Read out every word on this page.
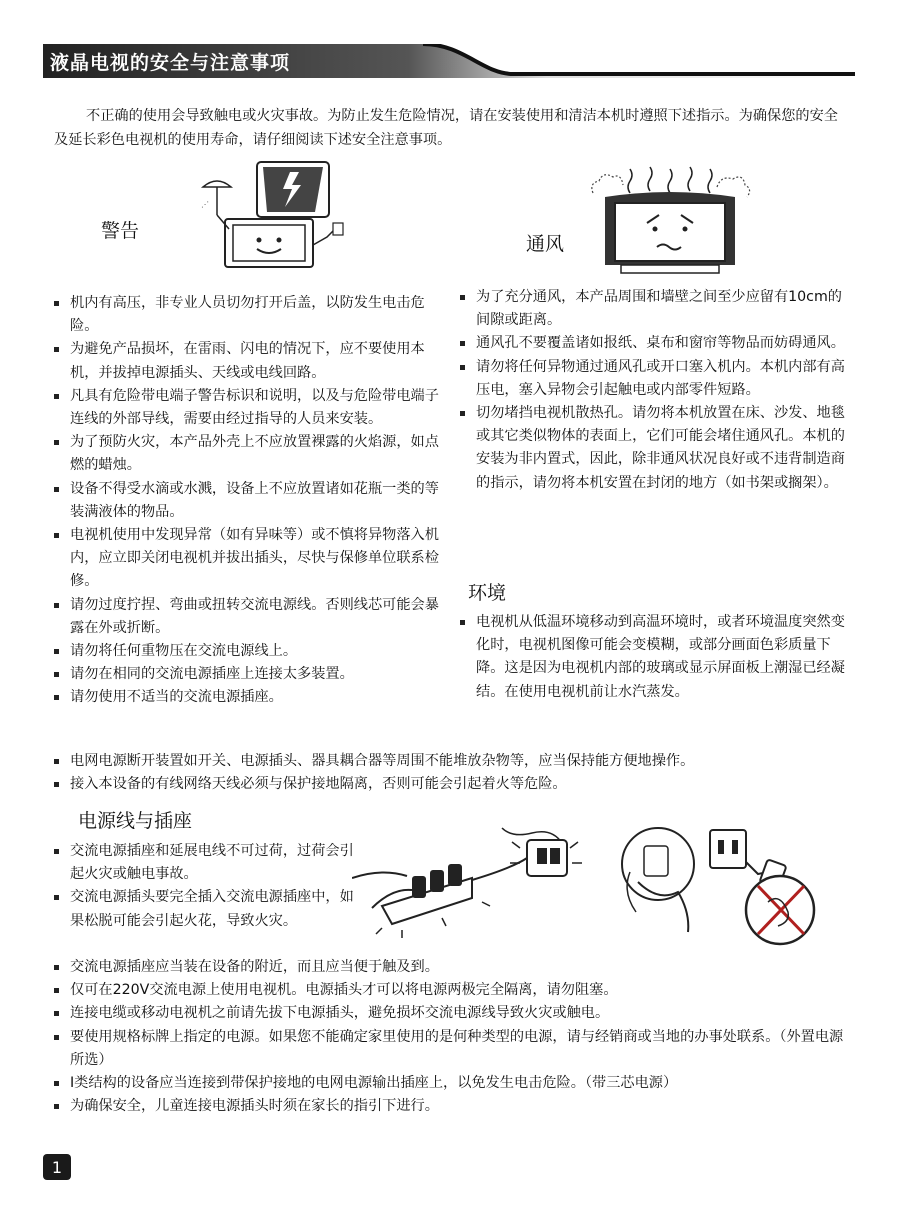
液晶电视的安全与注意事项

不正确的使用会导致触电或火灾事故。为防止发生危险情况，请在安装使用和清洁本机时遵照下述指示。为确保您的安全及延长彩色电视机的使用寿命，请仔细阅读下述安全注意事项。

警告
⋰
机内有高压，非专业人员切勿打开后盖，以防发生电击危险。
为避免产品损坏，在雷雨、闪电的情况下，应不要使用本机，并拔掉电源插头、天线或电线回路。
凡具有危险带电端子警告标识和说明，以及与危险带电端子连线的外部导线，需要由经过指导的人员来安装。
为了预防火灾，本产品外壳上不应放置裸露的火焰源，如点燃的蜡烛。
设备不得受水滴或水溅，设备上不应放置诸如花瓶一类的等装满液体的物品。
电视机使用中发现异常（如有异味等）或不慎将异物落入机内，应立即关闭电视机并拔出插头，尽快与保修单位联系检修。
请勿过度拧捏、弯曲或扭转交流电源线。否则线芯可能会暴露在外或折断。
请勿将任何重物压在交流电源线上。
请勿在相同的交流电源插座上连接太多装置。
请勿使用不适当的交流电源插座。
通风
为了充分通风，本产品周围和墙壁之间至少应留有10cm的间隙或距离。
通风孔不要覆盖诸如报纸、桌布和窗帘等物品而妨碍通风。
请勿将任何异物通过通风孔或开口塞入机内。本机内部有高压电，塞入异物会引起触电或内部零件短路。
切勿堵挡电视机散热孔。请勿将本机放置在床、沙发、地毯或其它类似物体的表面上，它们可能会堵住通风孔。本机的安装为非内置式，因此，除非通风状况良好或不违背制造商的指示，请勿将本机安置在封闭的地方（如书架或搁架）。
环境
电视机从低温环境移动到高温环境时，或者环境温度突然变化时，电视机图像可能会变模糊，或部分画面色彩质量下降。这是因为电视机内部的玻璃或显示屏面板上潮湿已经凝结。在使用电视机前让水汽蒸发。
电网电源断开装置如开关、电源插头、器具耦合器等周围不能堆放杂物等，应当保持能方便地操作。
接入本设备的有线网络天线必须与保护接地隔离，否则可能会引起着火等危险。
电源线与插座
交流电源插座和延展电线不可过荷，过荷会引起火灾或触电事故。
交流电源插头要完全插入交流电源插座中，如果松脱可能会引起火花，导致火灾。
交流电源插座应当装在设备的附近，而且应当便于触及到。
仅可在220V交流电源上使用电视机。电源插头才可以将电源两极完全隔离，请勿阻塞。
连接电缆或移动电视机之前请先拔下电源插头，避免损坏交流电源线导致火灾或触电。
要使用规格标牌上指定的电源。如果您不能确定家里使用的是何种类型的电源，请与经销商或当地的办事处联系。（外置电源所选）
Ⅰ类结构的设备应当连接到带保护接地的电网电源输出插座上，以免发生电击危险。（带三芯电源）
为确保安全，儿童连接电源插头时须在家长的指引下进行。
1
